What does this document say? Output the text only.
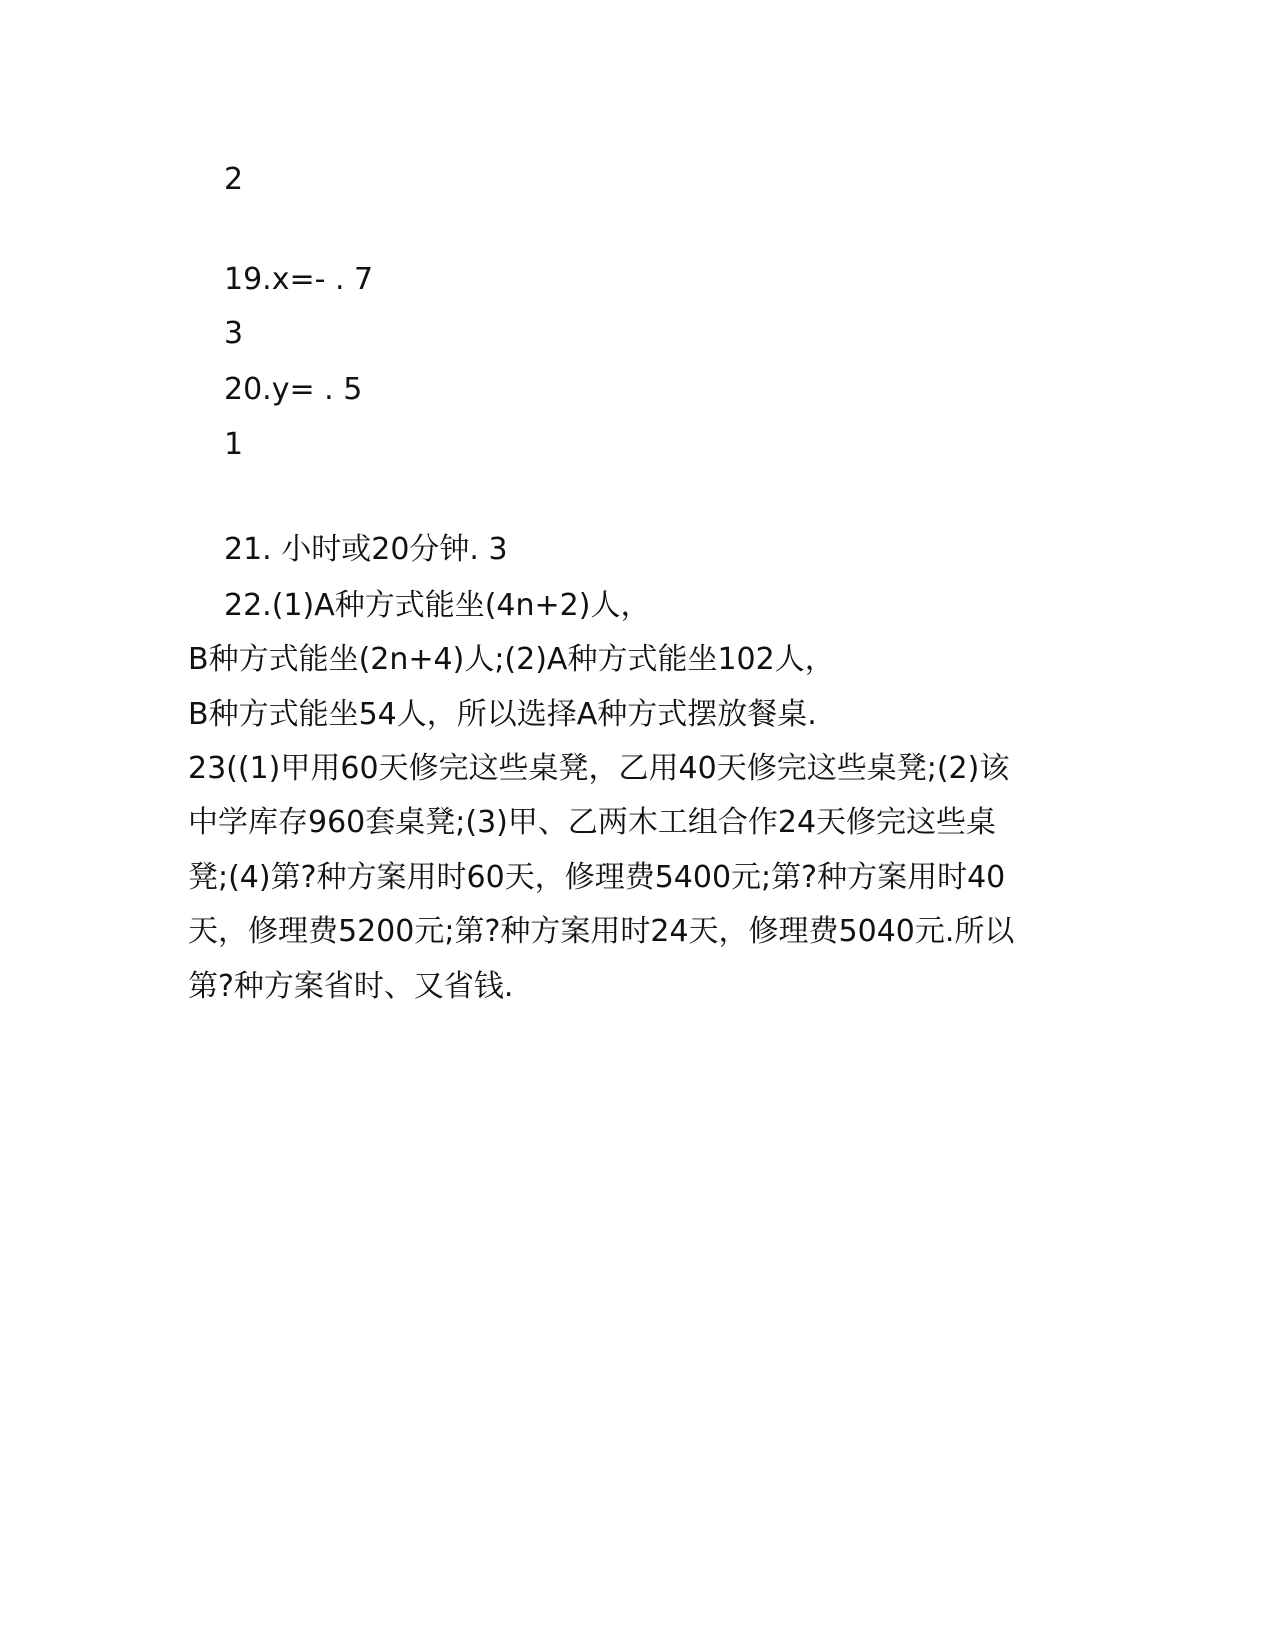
2
19.x=- . 7
3
20.y= . 5
1
21. 小时或20分钟. 3
22.(1)A种方式能坐(4n+2)人，
B种方式能坐(2n+4)人;(2)A种方式能坐102人，
B种方式能坐54人，所以选择A种方式摆放餐桌.
23((1)甲用60天修完这些桌凳，乙用40天修完这些桌凳;(2)该
中学库存960套桌凳;(3)甲、乙两木工组合作24天修完这些桌
凳;(4)第?种方案用时60天，修理费5400元;第?种方案用时40
天，修理费5200元;第?种方案用时24天，修理费5040元.所以
第?种方案省时、又省钱.
